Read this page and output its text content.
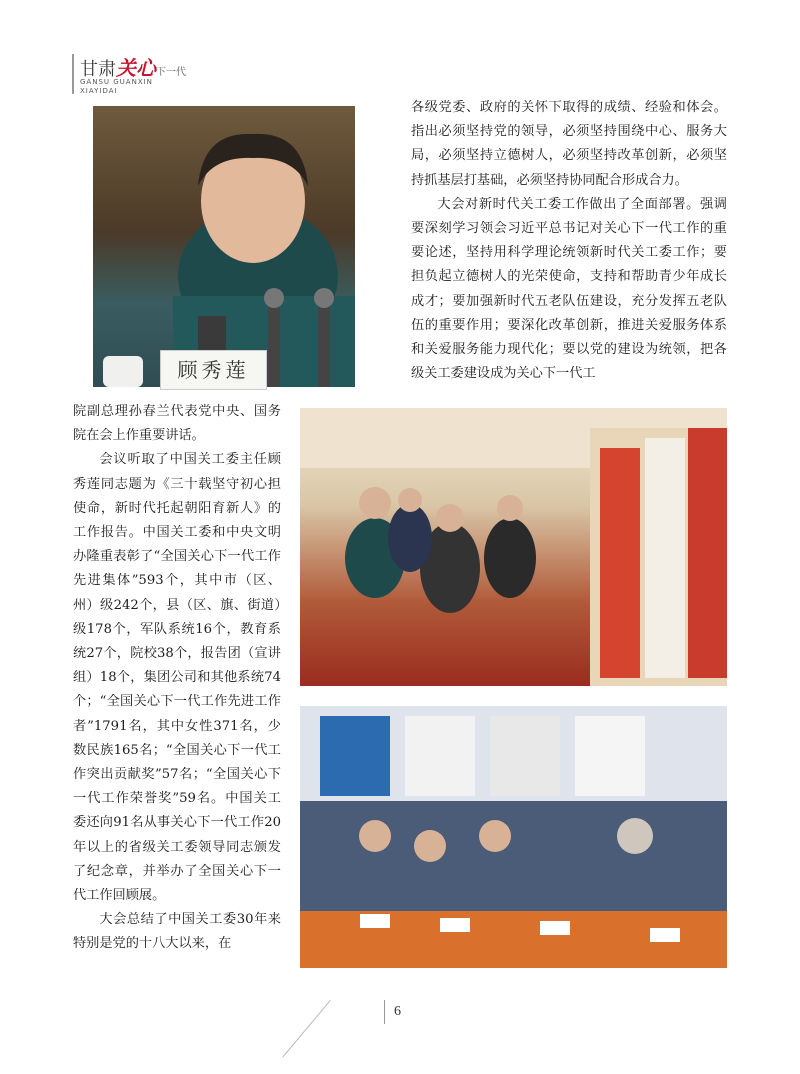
甘肃关心下一代
GANSU GUANXIN
XIAYIDAI
顾秀莲

各级党委、政府的关怀下取得的成绩、经验和体会。指出必须坚持党的领导，必须坚持围绕中心、服务大局，必须坚持立德树人，必须坚持改革创新，必须坚持抓基层打基础，必须坚持协同配合形成合力。

大会对新时代关工委工作做出了全面部署。强调要深刻学习领会习近平总书记对关心下一代工作的重要论述，坚持用科学理论统领新时代关工委工作；要担负起立德树人的光荣使命，支持和帮助青少年成长成才；要加强新时代五老队伍建设，充分发挥五老队伍的重要作用；要深化改革创新，推进关爱服务体系和关爱服务能力现代化；要以党的建设为统领，把各级关工委建设成为关心下一代工

院副总理孙春兰代表党中央、国务院在会上作重要讲话。

会议听取了中国关工委主任顾秀莲同志题为《三十载坚守初心担使命，新时代托起朝阳育新人》的工作报告。中国关工委和中央文明办隆重表彰了“全国关心下一代工作先进集体”593个，其中市（区、州）级242个，县（区、旗、街道）级178个，军队系统16个，教育系统27个，院校38个，报告团（宣讲组）18个，集团公司和其他系统74个；“全国关心下一代工作先进工作者”1791名，其中女性371名，少数民族165名；“全国关心下一代工作突出贡献奖”57名；“全国关心下一代工作荣誉奖”59名。中国关工委还向91名从事关心下一代工作20年以上的省级关工委领导同志颁发了纪念章，并举办了全国关心下一代工作回顾展。

大会总结了中国关工委30年来特别是党的十八大以来，在

6
